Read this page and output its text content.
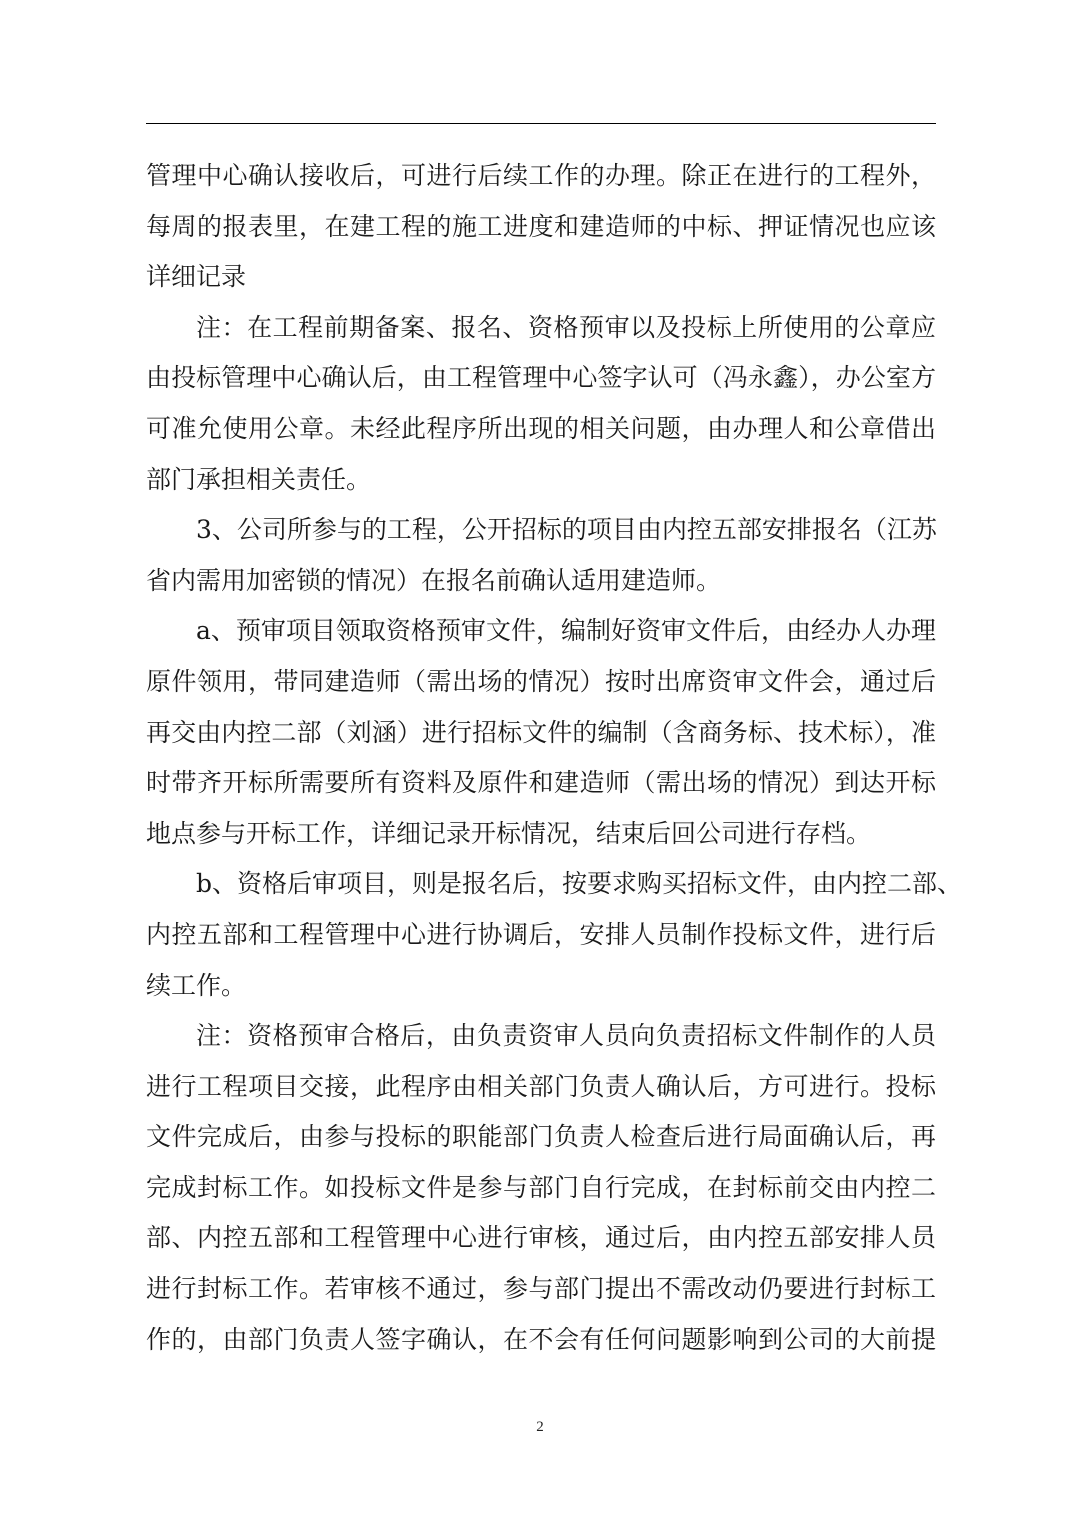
管理中心确认接收后，可进行后续工作的办理。除正在进行的工程外，
每周的报表里，在建工程的施工进度和建造师的中标、押证情况也应该
详细记录
注：在工程前期备案、报名、资格预审以及投标上所使用的公章应
由投标管理中心确认后，由工程管理中心签字认可（冯永鑫），办公室方
可准允使用公章。未经此程序所出现的相关问题，由办理人和公章借出
部门承担相关责任。
3、公司所参与的工程，公开招标的项目由内控五部安排报名（江苏
省内需用加密锁的情况）在报名前确认适用建造师。
a、预审项目领取资格预审文件，编制好资审文件后，由经办人办理
原件领用，带同建造师（需出场的情况）按时出席资审文件会，通过后
再交由内控二部（刘涵）进行招标文件的编制（含商务标、技术标），准
时带齐开标所需要所有资料及原件和建造师（需出场的情况）到达开标
地点参与开标工作，详细记录开标情况，结束后回公司进行存档。
b、资格后审项目，则是报名后，按要求购买招标文件，由内控二部、
内控五部和工程管理中心进行协调后，安排人员制作投标文件，进行后
续工作。
注：资格预审合格后，由负责资审人员向负责招标文件制作的人员
进行工程项目交接，此程序由相关部门负责人确认后，方可进行。投标
文件完成后，由参与投标的职能部门负责人检查后进行局面确认后，再
完成封标工作。如投标文件是参与部门自行完成，在封标前交由内控二
部、内控五部和工程管理中心进行审核，通过后，由内控五部安排人员
进行封标工作。若审核不通过，参与部门提出不需改动仍要进行封标工
作的，由部门负责人签字确认，在不会有任何问题影响到公司的大前提
2
